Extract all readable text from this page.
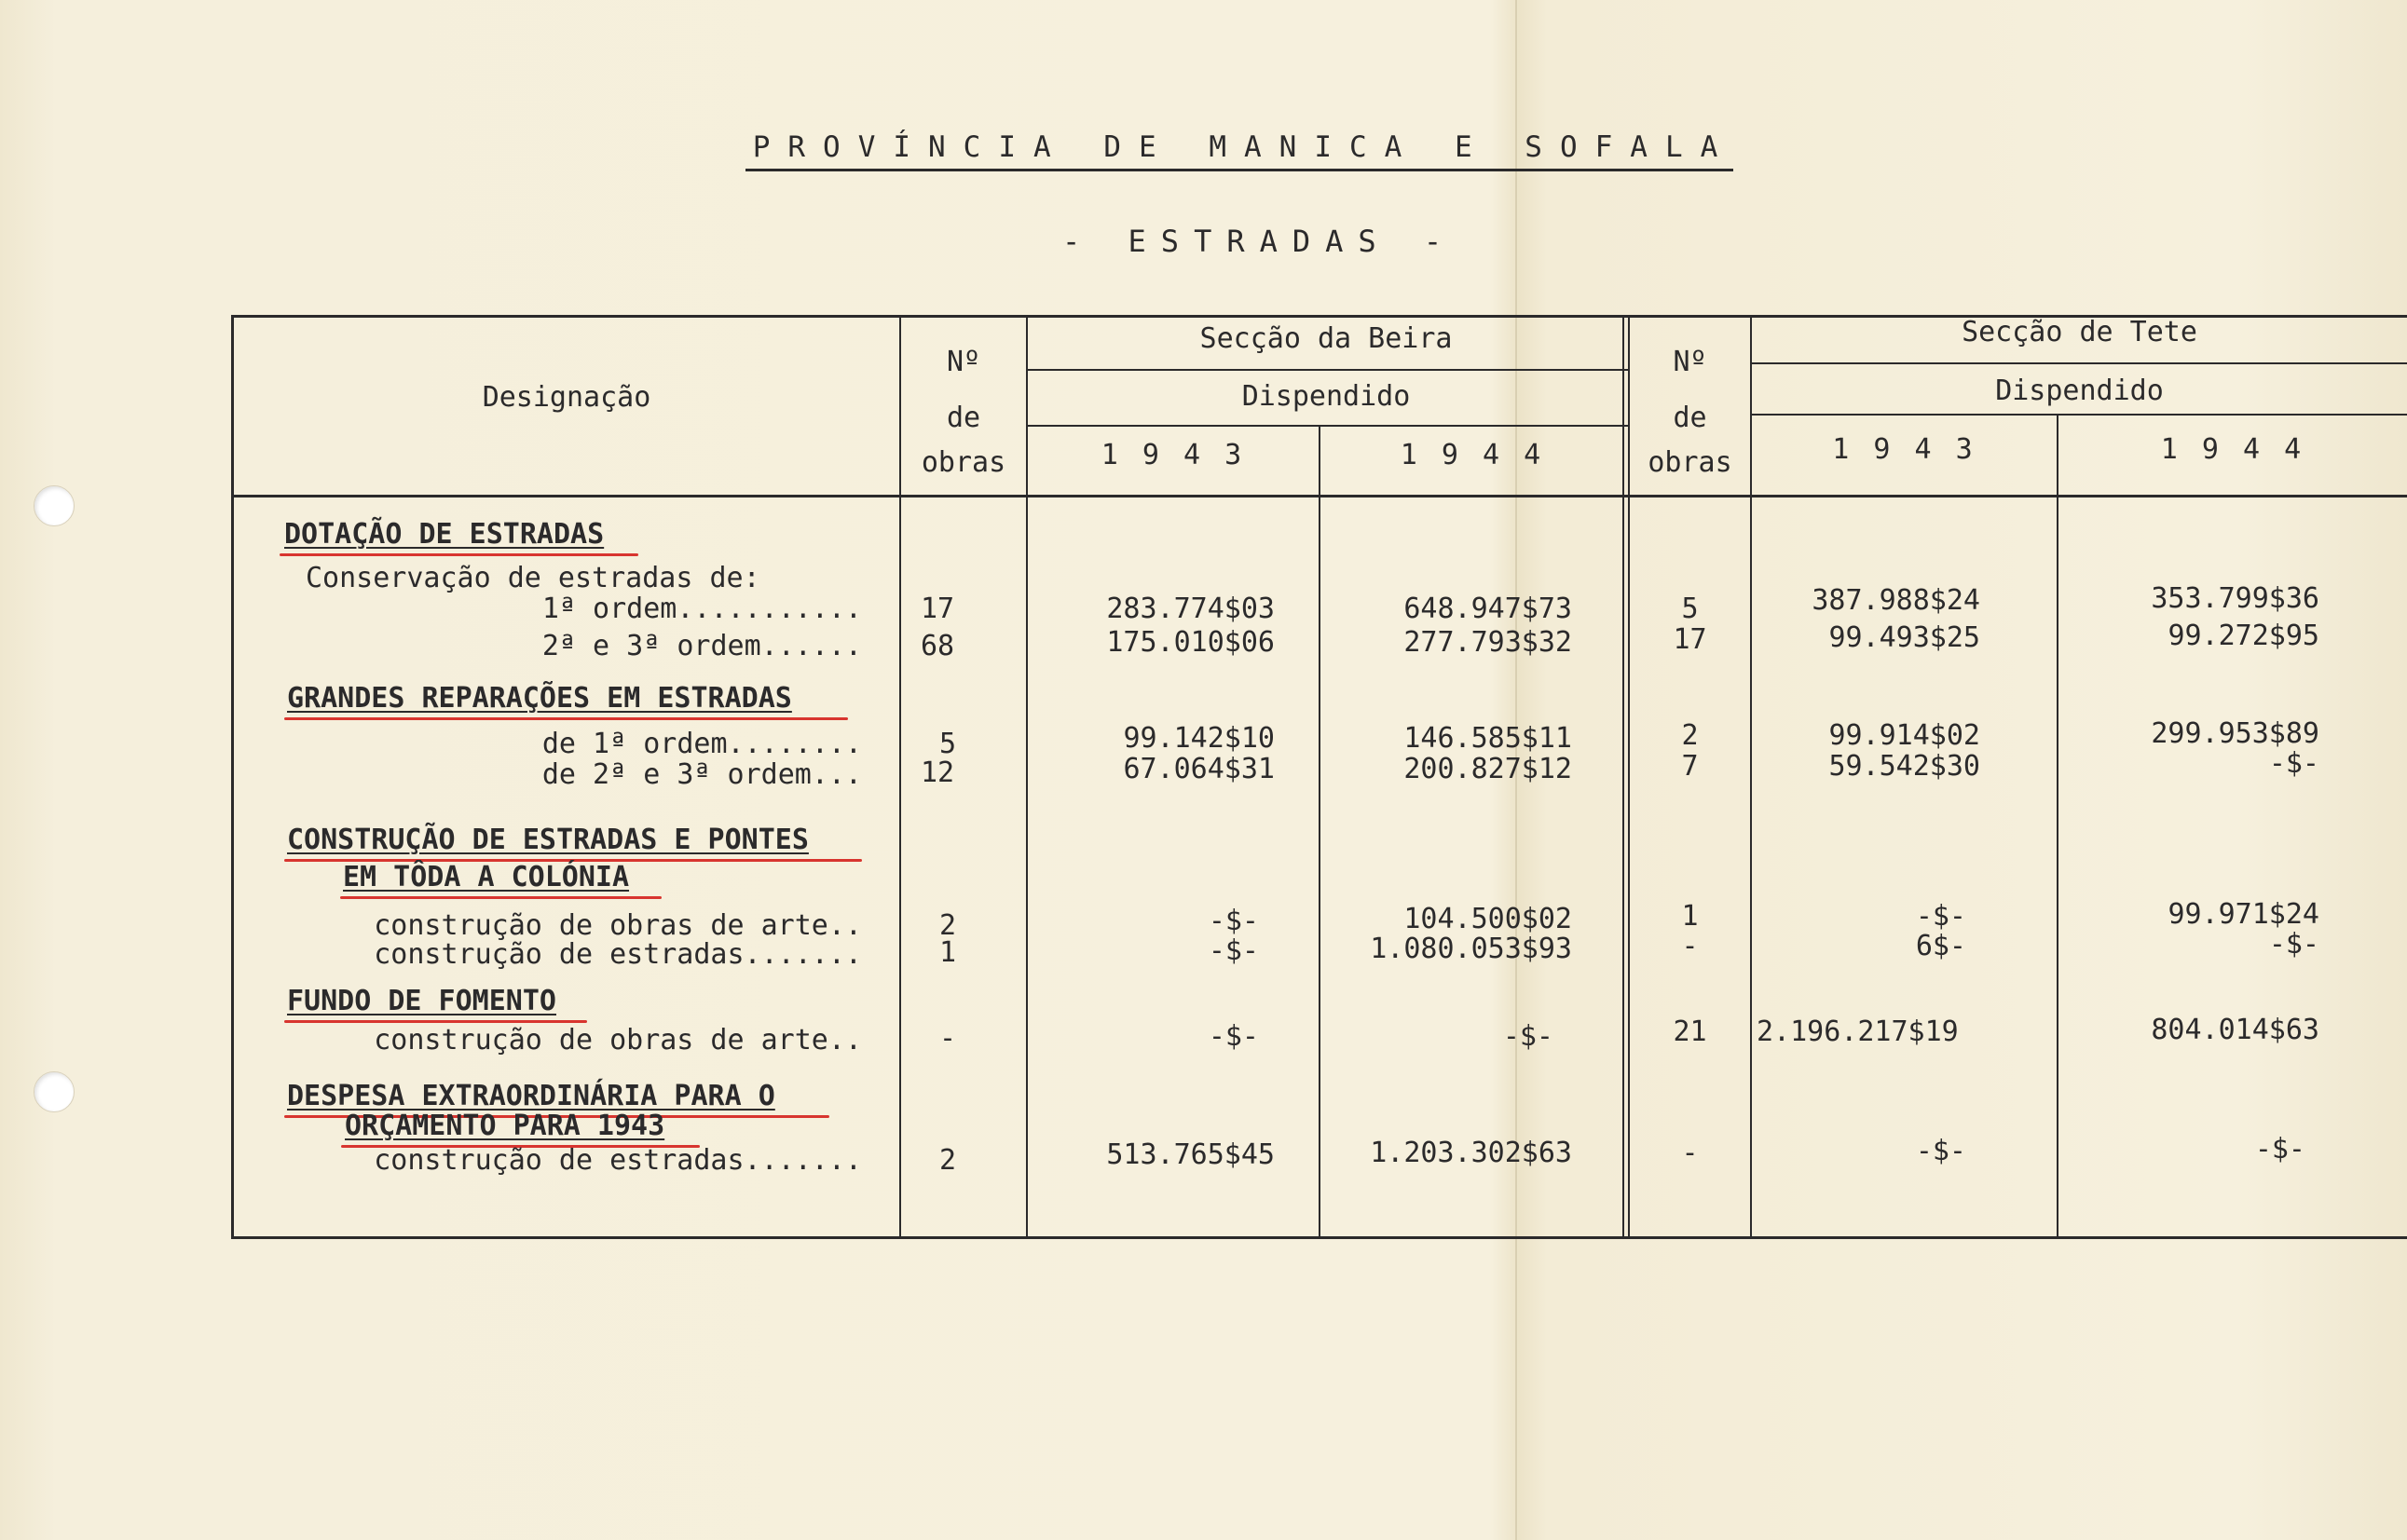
PROVÍNCIA DE MANICA E SOFALA
- ESTRADAS -
Designação
Nº
de
obras
Secção da Beira
Dispendido
1 9 4 3	1 9 4 4
Nº
de
obras
Secção de Tete
Dispendido
1 9 4 3	1 9 4 4
DOTAÇÃO DE ESTRADAS
Conservação de estradas de:
GRANDES REPARAÇÕES EM ESTRADAS
CONSTRUÇÃO DE ESTRADAS E PONTES
EM TÔDA A COLÓNIA
FUNDO DE FOMENTO
DESPESA EXTRAORDINÁRIA PARA O
ORÇAMENTO PARA 1943
1ª ordem........... 17	283.774$03	648.947$73	5	387.988$24	353.799$36
2ª e 3ª ordem...... 68	175.010$06	277.793$32	17	99.493$25	99.272$95
de 1ª ordem........	5	99.142$10	146.585$11	2	99.914$02	299.953$89
de 2ª e 3ª ordem... 12	67.064$31	200.827$12	7	59.542$30	-$-
construção de obras de arte..	2	-$-	104.500$02	1	-$-	99.971$24
construção de estradas.......	1	-$-	1.080.053$93	-	6$-	-$-
construção de obras de arte..	-	-$-	-$-	21	2.196.217$19	804.014$63
construção de estradas.......	2	513.765$45	1.203.302$63	-	-$-	-$-
